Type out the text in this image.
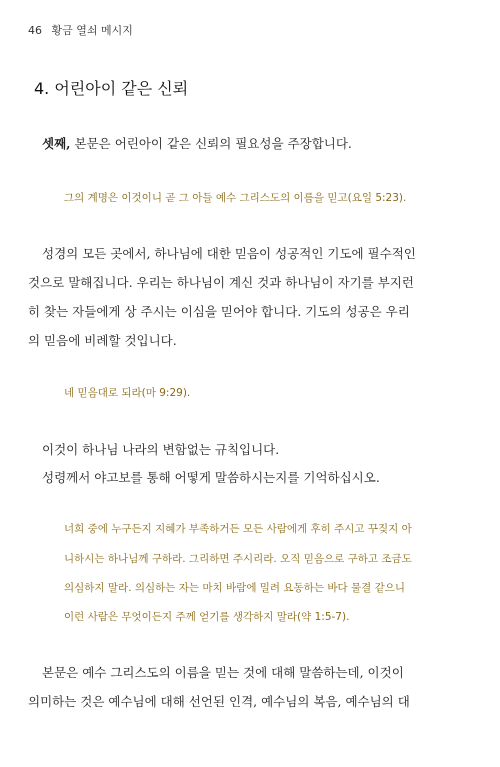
46 황금 열쇠 메시지
4. 어린아이 같은 신뢰
셋째, 본문은 어린아이 같은 신뢰의 필요성을 주장합니다.
그의 계명은 이것이니 곧 그 아들 예수 그리스도의 이름을 믿고(요일 5:23).
성경의 모든 곳에서, 하나님에 대한 믿음이 성공적인 기도에 필수적인
것으로 말해집니다. 우리는 하나님이 계신 것과 하나님이 자기를 부지런
히 찾는 자들에게 상 주시는 이심을 믿어야 합니다. 기도의 성공은 우리
의 믿음에 비례할 것입니다.
네 믿음대로 되라(마 9:29).
이것이 하나님 나라의 변함없는 규칙입니다.
성령께서 야고보를 통해 어떻게 말씀하시는지를 기억하십시오.
너희 중에 누구든지 지혜가 부족하거든 모든 사람에게 후히 주시고 꾸짖지 아
니하시는 하나님께 구하라. 그리하면 주시리라. 오직 믿음으로 구하고 조금도
의심하지 말라. 의심하는 자는 마치 바람에 밀려 요동하는 바다 물결 같으니
이런 사람은 무엇이든지 주께 얻기를 생각하지 말라(약 1:5-7).
본문은 예수 그리스도의 이름을 믿는 것에 대해 말씀하는데, 이것이
의미하는 것은 예수님에 대해 선언된 인격, 예수님의 복음, 예수님의 대
